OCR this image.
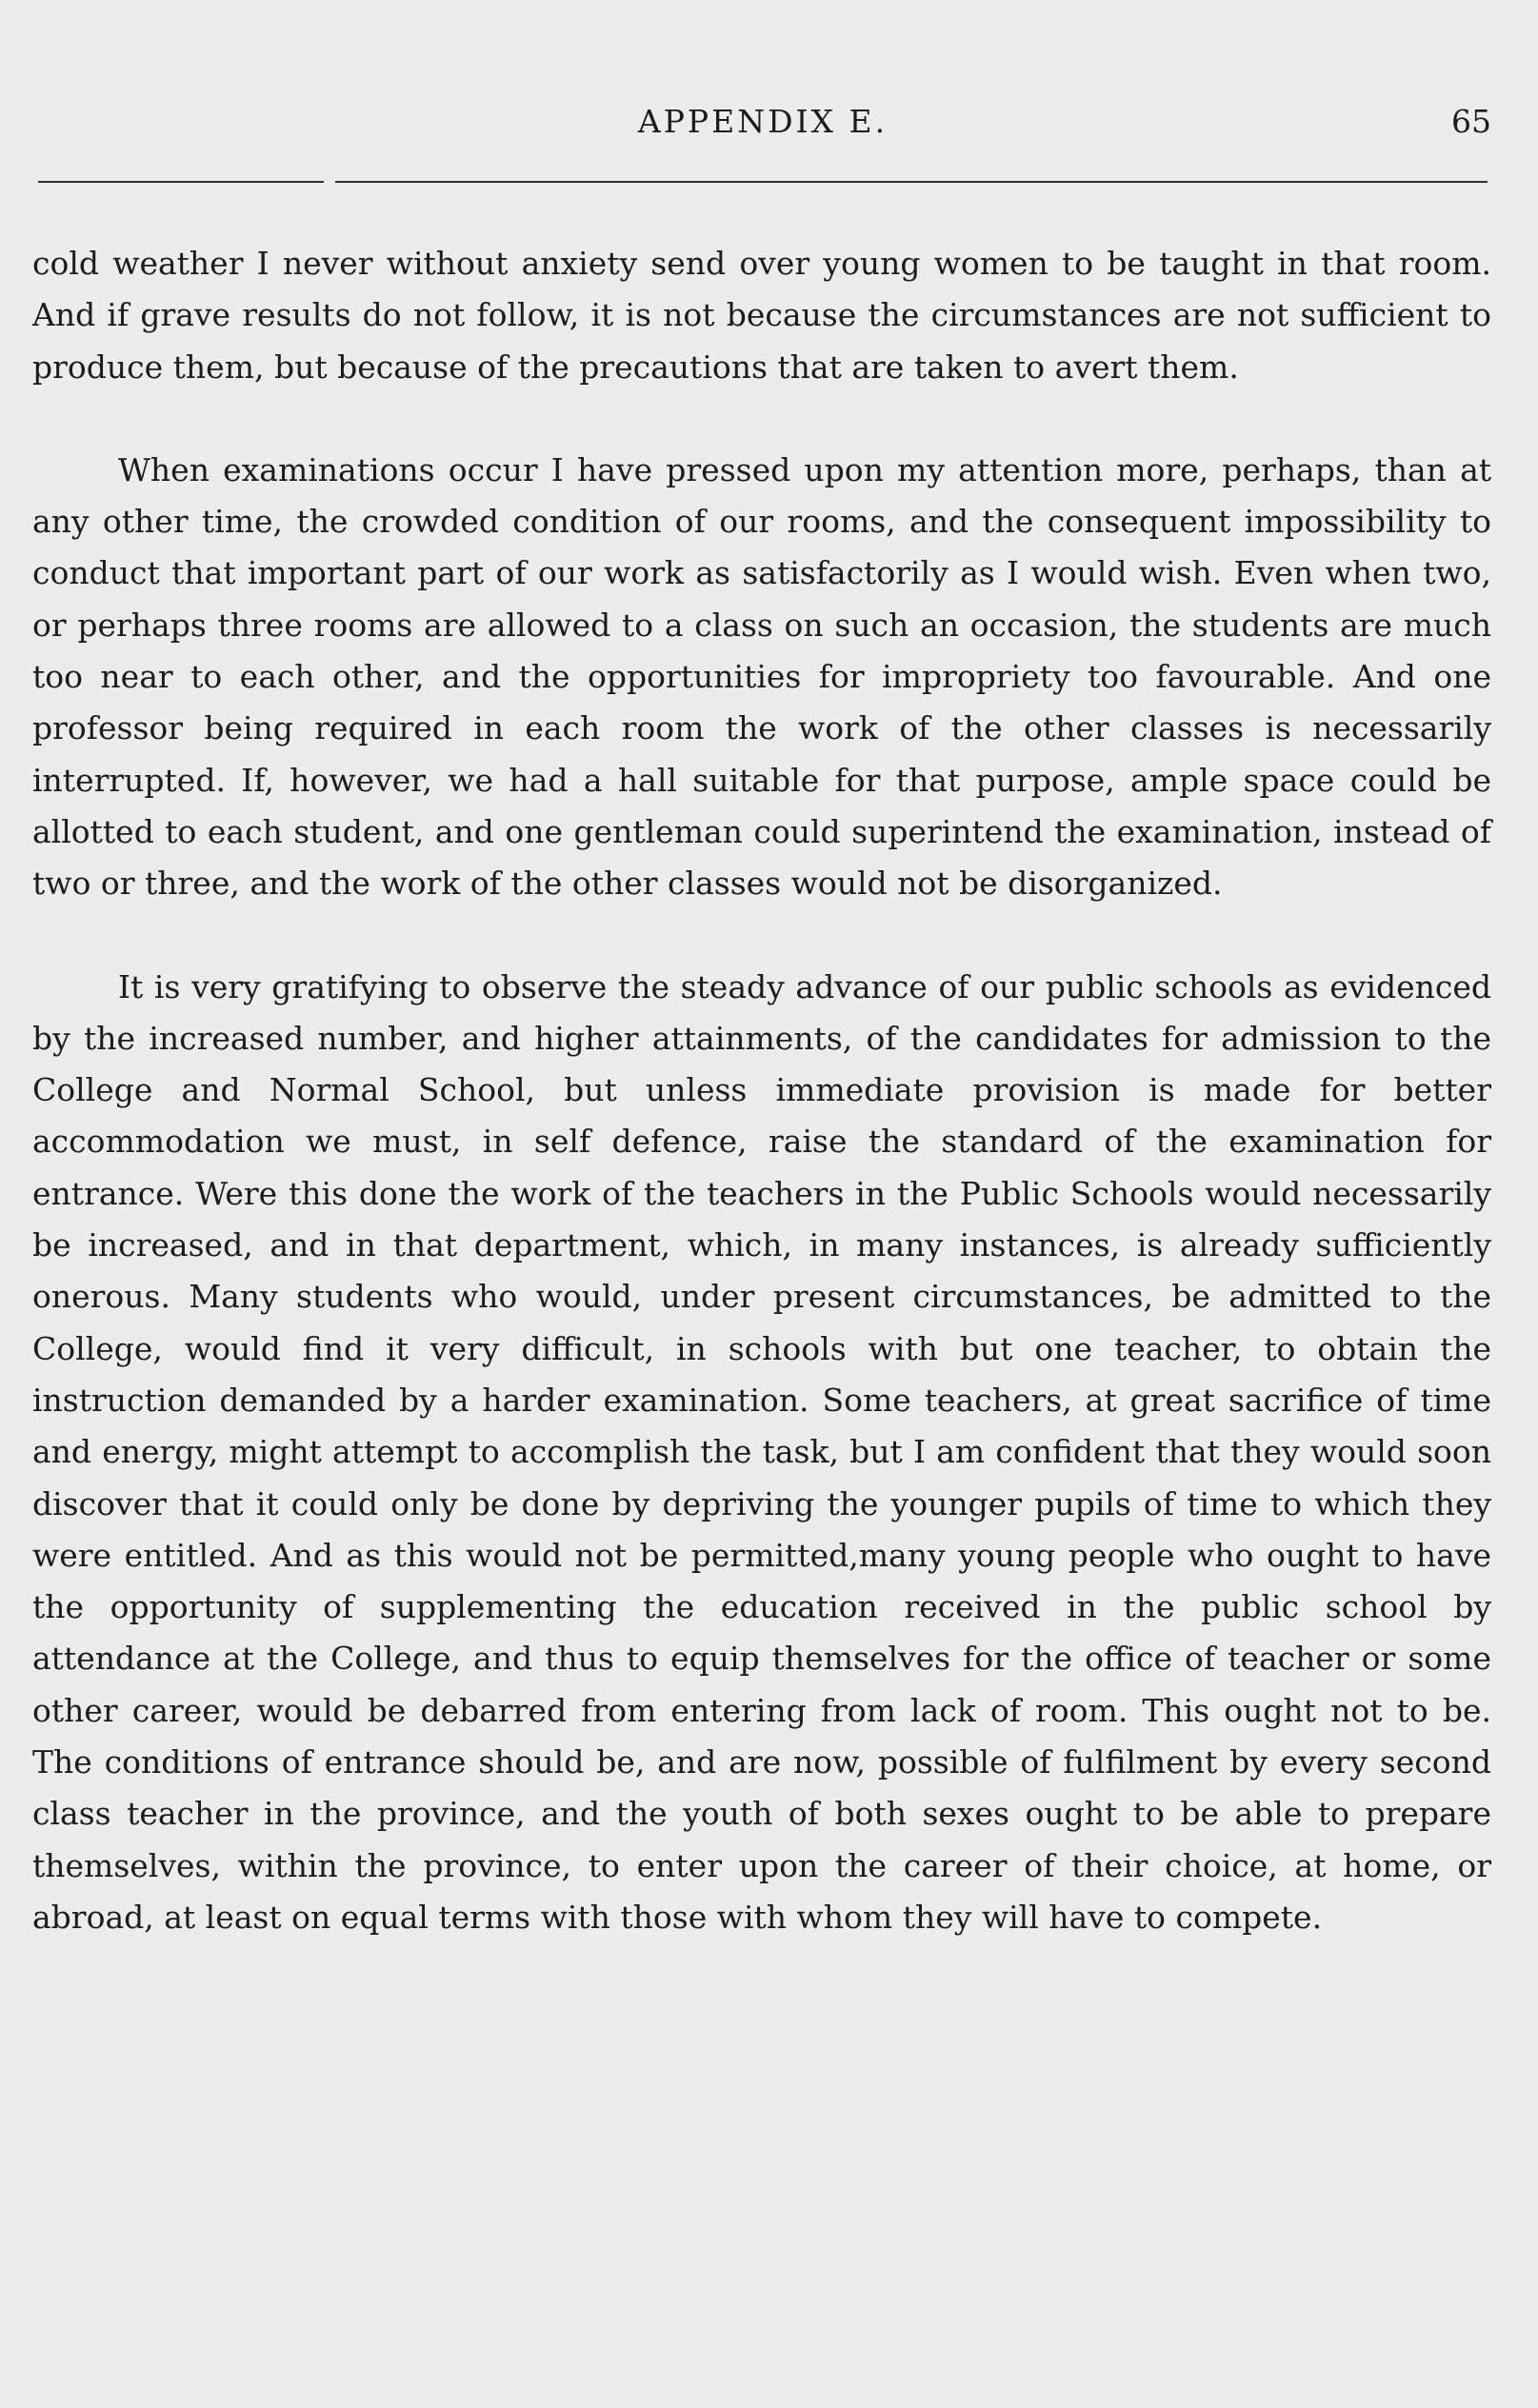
APPENDIX E.	65

cold weather I never without anxiety send over young women to be taught in that room. And if grave results do not follow, it is not because the circumstances are not sufficient to produce them, but because of the precautions that are taken to avert them.

When examinations occur I have pressed upon my attention more, perhaps, than at any other time, the crowded condition of our rooms, and the consequent impossibility to conduct that important part of our work as satisfactorily as I would wish. Even when two, or perhaps three rooms are allowed to a class on such an occasion, the students are much too near to each other, and the opportunities for impropriety too favourable. And one professor being required in each room the work of the other classes is necessarily interrupted. If, however, we had a hall suitable for that purpose, ample space could be allotted to each student, and one gentleman could superintend the examination, instead of two or three, and the work of the other classes would not be disorganized.

It is very gratifying to observe the steady advance of our public schools as evidenced by the increased number, and higher attainments, of the candidates for admission to the College and Normal School, but unless immediate provision is made for better accommodation we must, in self defence, raise the standard of the examination for entrance. Were this done the work of the teachers in the Public Schools would necessarily be increased, and in that department, which, in many instances, is already sufficiently onerous. Many students who would, under present circumstances, be admitted to the College, would find it very difficult, in schools with but one teacher, to obtain the instruction demanded by a harder examination. Some teachers, at great sacrifice of time and energy, might attempt to accomplish the task, but I am confident that they would soon discover that it could only be done by depriving the younger pupils of time to which they were entitled. And as this would not be permitted,many young people who ought to have the opportunity of supplementing the education received in the public school by attendance at the College, and thus to equip themselves for the office of teacher or some other career, would be debarred from entering from lack of room. This ought not to be. The conditions of entrance should be, and are now, possible of fulfilment by every second class teacher in the province, and the youth of both sexes ought to be able to prepare themselves, within the province, to enter upon the career of their choice, at home, or abroad, at least on equal terms with those with whom they will have to compete.
